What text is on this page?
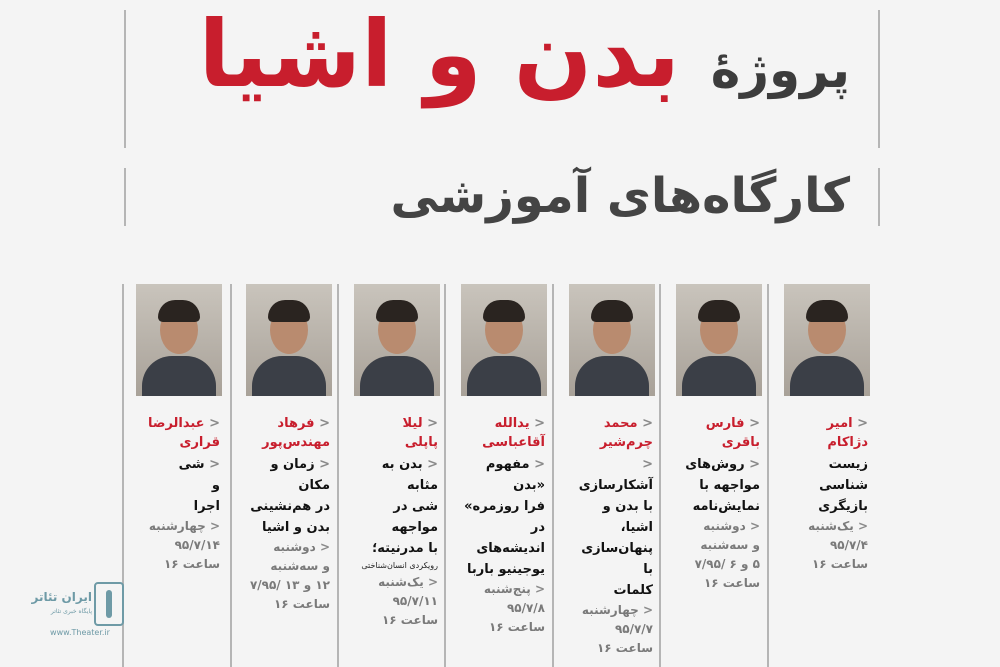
بدن و اشیا پروژهٔ
کارگاه‌های آموزشی
< امیر
دژاکام
زیست
شناسی
بازیگری
< یک‌شنبه
۹۵/۷/۴
ساعت ۱۶
< فارس
باقری
< روش‌های
مواجهه با
نمایش‌نامه
< دوشنبه
و سه‌شنبه
۵ و ۶ /۷/۹۵
ساعت ۱۶
< محمد
چرم‌شیر
< آشکارسازی
با بدن و اشیا،
پنهان‌سازی با
کلمات
< چهارشنبه
۹۵/۷/۷
ساعت ۱۶
< یدالله
آقاعباسی
< مفهوم «بدن
فرا روزمره» در
اندیشه‌های
یوجینیو باربا
< پنج‌شنبه
۹۵/۷/۸
ساعت ۱۶
< لیلا
پاپلی
< بدن به مثابه
شی در مواجهه
با مدرنیته؛
رویکردی انسان‌شناختی
< یک‌شنبه
۹۵/۷/۱۱
ساعت ۱۶
< فرهاد
مهندس‌پور
< زمان و مکان
در هم‌نشینی
بدن و اشیا
< دوشنبه
و سه‌شنبه
۱۲ و ۱۳ /۷/۹۵
ساعت ۱۶
< عبدالرضا
قراری
< شی
و
اجرا
< چهارشنبه
۹۵/۷/۱۴
ساعت ۱۶
ایران تئاتر
پایگاه خبری تئاتر
www.Theater.ir
